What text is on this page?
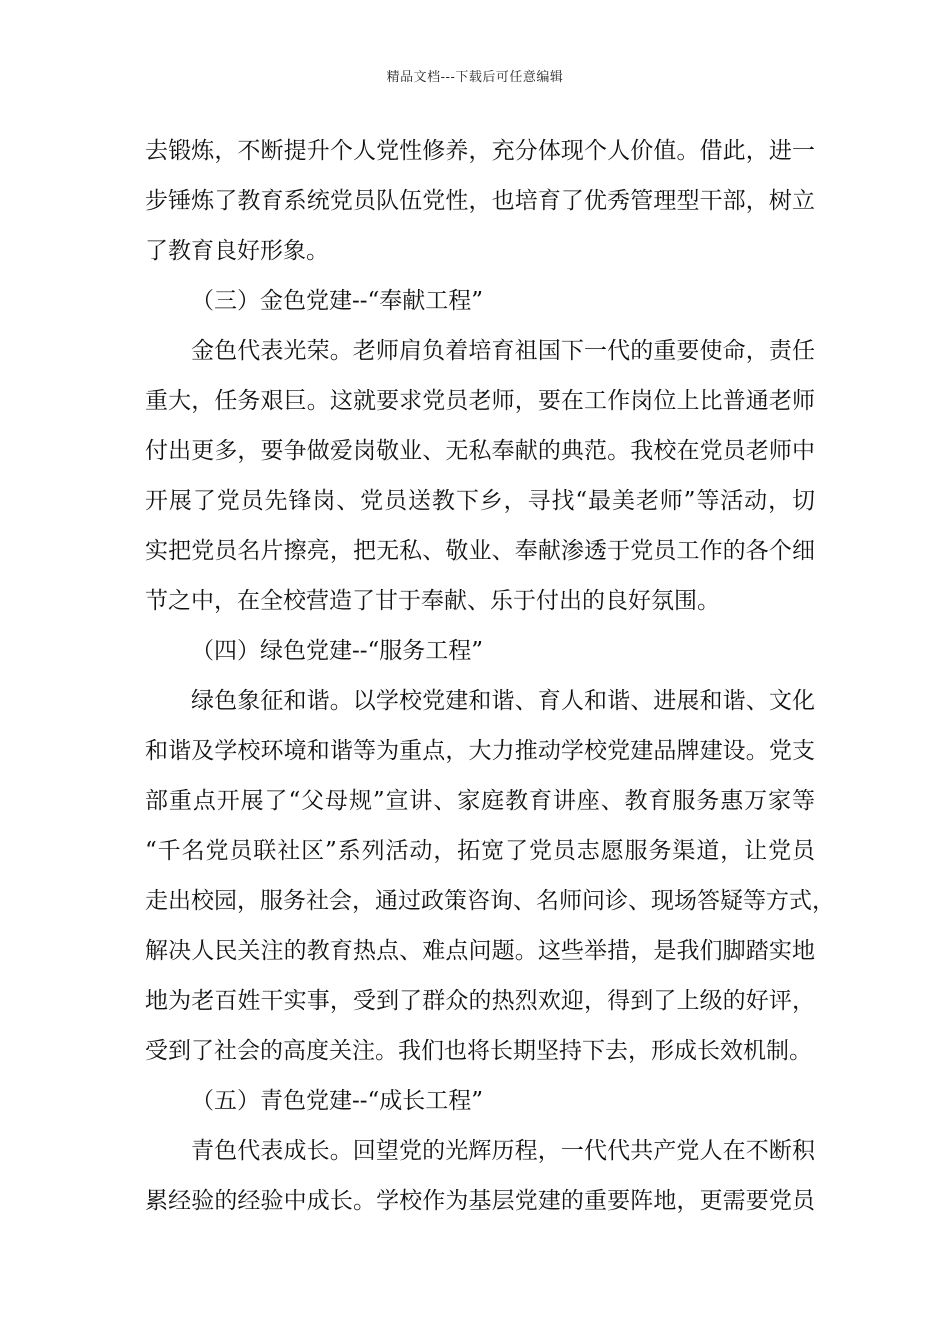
精品文档---下载后可任意编辑
去锻炼，不断提升个人党性修养，充分体现个人价值。借此，进一
步锤炼了教育系统党员队伍党性，也培育了优秀管理型干部，树立
了教育良好形象。
（三）金色党建--“奉献工程”
金色代表光荣。老师肩负着培育祖国下一代的重要使命，责任
重大，任务艰巨。这就要求党员老师，要在工作岗位上比普通老师
付出更多，要争做爱岗敬业、无私奉献的典范。我校在党员老师中
开展了党员先锋岗、党员送教下乡，寻找“最美老师”等活动，切
实把党员名片擦亮，把无私、敬业、奉献渗透于党员工作的各个细
节之中，在全校营造了甘于奉献、乐于付出的良好氛围。
（四）绿色党建--“服务工程”
绿色象征和谐。以学校党建和谐、育人和谐、进展和谐、文化
和谐及学校环境和谐等为重点，大力推动学校党建品牌建设。党支
部重点开展了“父母规”宣讲、家庭教育讲座、教育服务惠万家等
“千名党员联社区”系列活动，拓宽了党员志愿服务渠道，让党员
走出校园，服务社会，通过政策咨询、名师问诊、现场答疑等方式，
解决人民关注的教育热点、难点问题。这些举措，是我们脚踏实地
地为老百姓干实事，受到了群众的热烈欢迎，得到了上级的好评，
受到了社会的高度关注。我们也将长期坚持下去，形成长效机制。
（五）青色党建--“成长工程”
青色代表成长。回望党的光辉历程，一代代共产党人在不断积
累经验的经验中成长。学校作为基层党建的重要阵地，更需要党员
